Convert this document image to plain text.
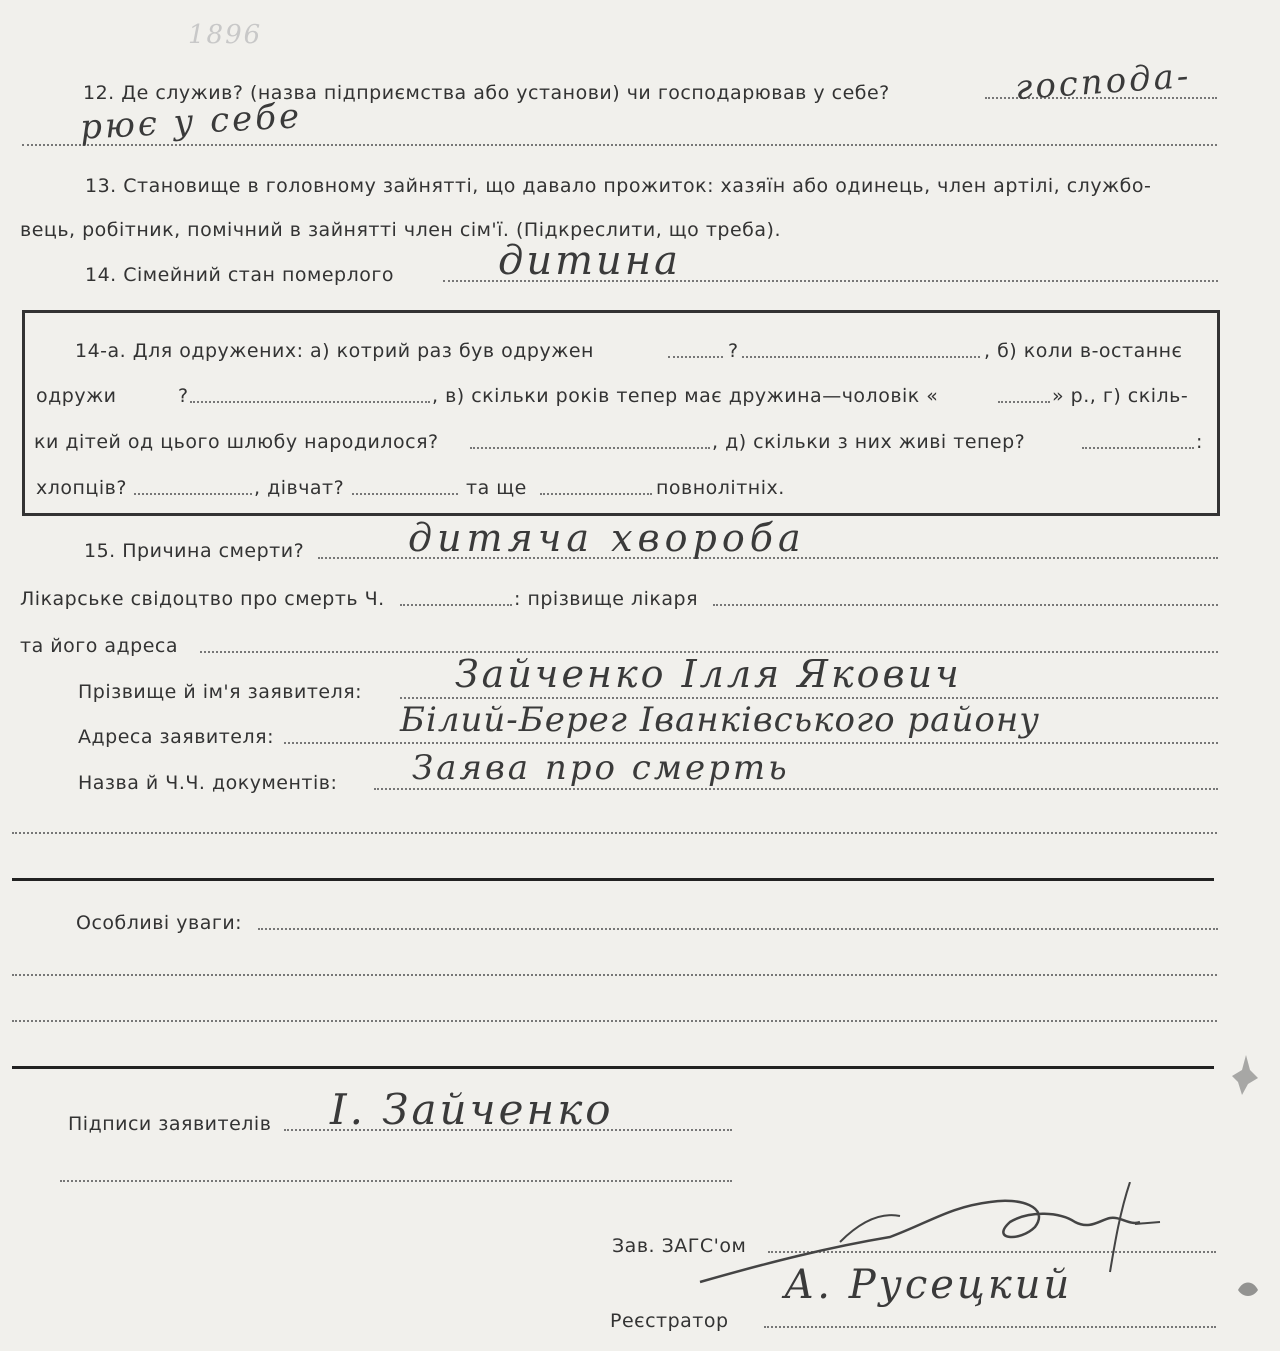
1896
12. Де служив? (назва підприємства або установи) чи господарював у себе?	господа-
рює у себе
13. Становище в головному зайнятті, що давало прожиток: хазяїн або одинець, член артілі, службо-
вець, робітник, помічний в зайнятті член сім'ї. (Підкреслити, що треба).
14. Сімейний стан померлого	дитина
14-а. Для одружених: а) котрий раз був одружен	?	, б) коли в-останнє
одружи	?	, в) скільки років тепер має дружина—чоловік «	» р., г) скіль-
ки дітей од цього шлюбу народилося?	, д) скільки з них живі тепер?	:
хлопців?	, дівчат?	та ще	повнолітніх.
15. Причина смерти?	дитяча хвороба
Лікарське свідоцтво про смерть Ч.	: прізвище лікаря
та його адреса
Прізвище й ім'я заявителя: Зайченко Ілля Якович
Адреса заявителя:	Білий-Берег Іванківського району
Назва й Ч.Ч. документів: Заява про смерть
Особливі уваги:
Підписи заявителів І. Зайченко
Зав. ЗАГС'ом
Реєстратор
А. Русецкий
